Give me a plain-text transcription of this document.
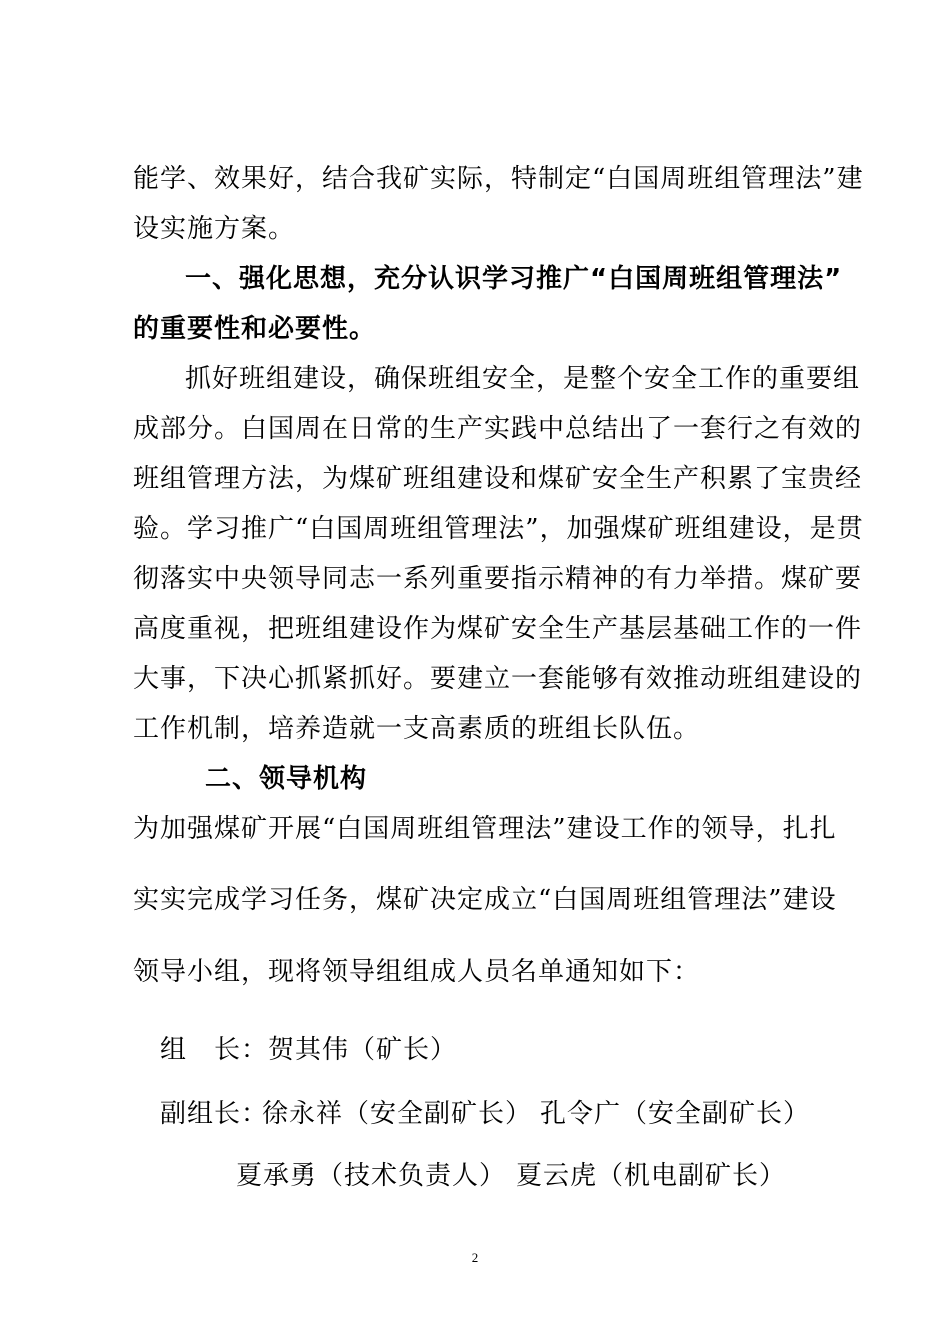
能学、效果好，结合我矿实际，特制定“白国周班组管理法”建
设实施方案。
一、强化思想，充分认识学习推广“白国周班组管理法”
的重要性和必要性。
抓好班组建设，确保班组安全，是整个安全工作的重要组
成部分。白国周在日常的生产实践中总结出了一套行之有效的
班组管理方法，为煤矿班组建设和煤矿安全生产积累了宝贵经
验。学习推广“白国周班组管理法”，加强煤矿班组建设，是贯
彻落实中央领导同志一系列重要指示精神的有力举措。煤矿要
高度重视，把班组建设作为煤矿安全生产基层基础工作的一件
大事，下决心抓紧抓好。要建立一套能够有效推动班组建设的
工作机制，培养造就一支高素质的班组长队伍。
二、领导机构
为加强煤矿开展“白国周班组管理法”建设工作的领导，扎扎
实实完成学习任务，煤矿决定成立“白国周班组管理法”建设
领导小组，现将领导组组成人员名单通知如下：
组　长：贺其伟（矿长）
副组长：
徐永祥（安全副矿长） 孔令广（安全副矿长）
夏承勇（技术负责人） 夏云虎（机电副矿长）
2
